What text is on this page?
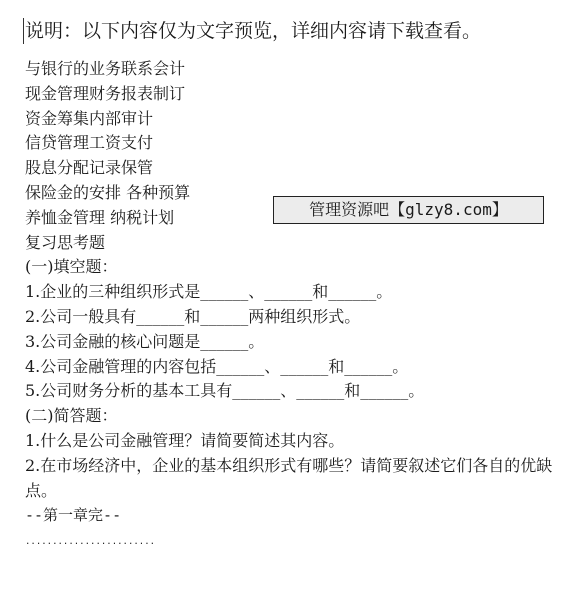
说明：以下内容仅为文字预览，详细内容请下载查看。
与银行的业务联系会计
现金管理财务报表制订
资金筹集内部审计
信贷管理工资支付
股息分配记录保管
保险金的安排 各种预算
养恤金管理 纳税计划
复习思考题
(一)填空题：
1.企业的三种组织形式是______、______和______。
2.公司一般具有______和______两种组织形式。
3.公司金融的核心问题是______。
4.公司金融管理的内容包括______、______和______。
5.公司财务分析的基本工具有______、______和______。
(二)简答题：
1.什么是公司金融管理？请简要简述其内容。
2.在市场经济中，企业的基本组织形式有哪些？请简要叙述它们各自的优缺点。
--第一章完--
管理资源吧【glzy8.com】
........................
